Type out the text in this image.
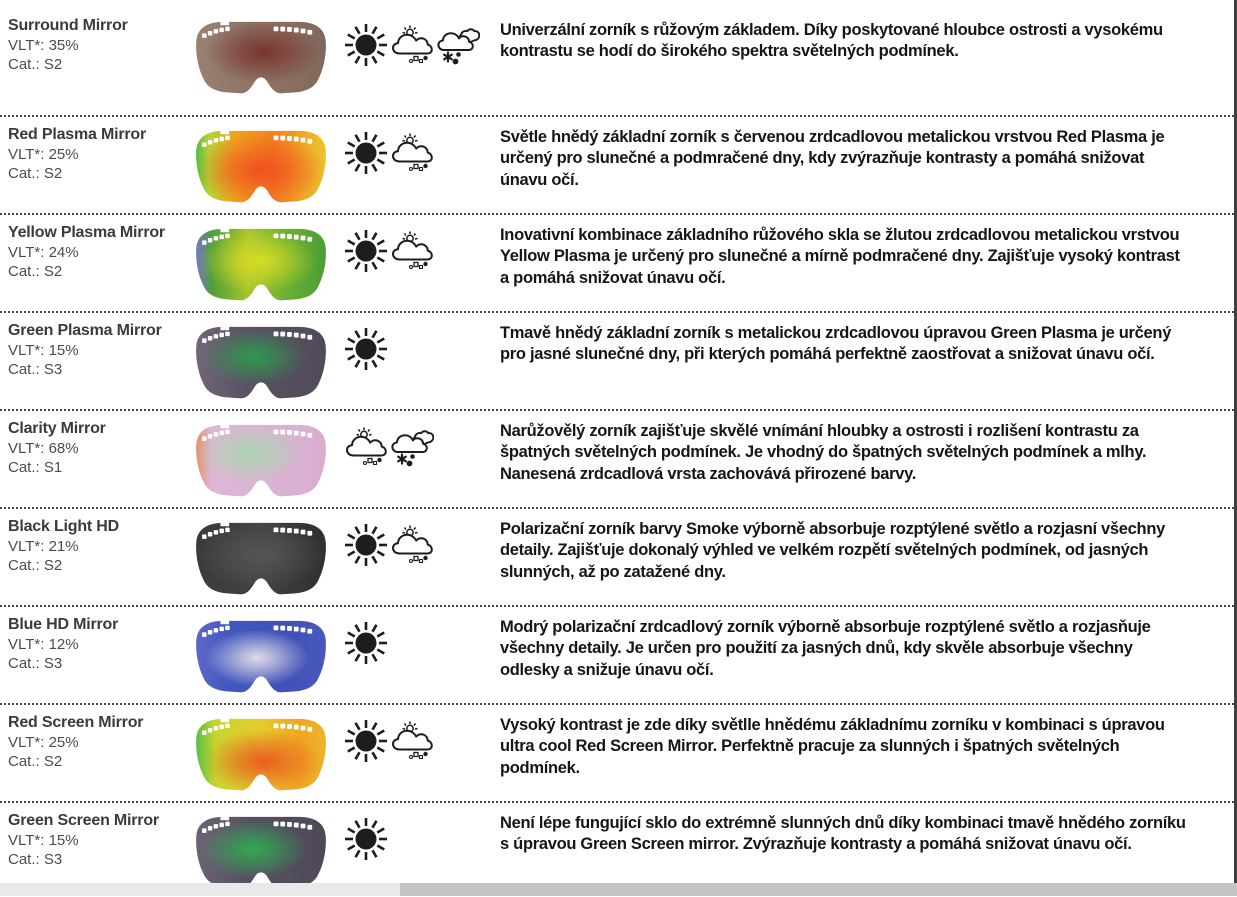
Surround Mirror
VLT*: 35%
Cat.: S2
Univerzální zorník s růžovým základem. Díky poskytované hloubce ostrosti a vysokému kontrastu se hodí do širokého spektra světelných podmínek.
Red Plasma Mirror
VLT*: 25%
Cat.: S2
Světle hnědý základní zorník s červenou zrdcadlovou metalickou vrstvou Red Plasma je určený pro slunečné a podmračené dny, kdy zvýrazňuje kontrasty a pomáhá snižovat únavu očí.
Yellow Plasma Mirror
VLT*: 24%
Cat.: S2
Inovativní kombinace základního růžového skla se žlutou zrdcadlovou metalickou vrstvou Yellow Plasma je určený pro slunečné a mírně podmračené dny. Zajišťuje vysoký kontrast a pomáhá snižovat únavu očí.
Green Plasma Mirror
VLT*: 15%
Cat.: S3
Tmavě hnědý základní zorník s metalickou zrdcadlovou úpravou Green Plasma je určený pro jasné slunečné dny, při kterých pomáhá perfektně zaostřovat a snižovat únavu očí.
Clarity Mirror
VLT*: 68%
Cat.: S1
Narůžovělý zorník zajišťuje skvělé vnímání hloubky a ostrosti i rozlišení kontrastu za špatných světelných podmínek. Je vhodný do špatných světelných podmínek a mlhy. Nanesená zrdcadlová vrsta zachovává přirozené barvy.
Black Light HD
VLT*: 21%
Cat.: S2
Polarizační zorník barvy Smoke výborně absorbuje rozptýlené světlo a rozjasní všechny detaily. Zajišťuje dokonalý výhled ve velkém rozpětí světelných podmínek, od jasných slunných, až po zatažené dny.
Blue HD Mirror
VLT*: 12%
Cat.: S3
Modrý polarizační zrdcadlový zorník výborně absorbuje rozptýlené světlo a rozjasňuje všechny detaily. Je určen pro použití za jasných dnů, kdy skvěle absorbuje všechny odlesky a snižuje únavu očí.
Red Screen Mirror
VLT*: 25%
Cat.: S2
Vysoký kontrast je zde díky světlle hnědému základnímu zorníku v kombinaci s úpravou ultra cool Red Screen Mirror. Perfektně pracuje za slunných i špatných světelných podmínek.
Green Screen Mirror
VLT*: 15%
Cat.: S3
Není lépe fungující sklo do extrémně slunných dnů díky kombinaci tmavě hnědého zorníku s úpravou Green Screen mirror. Zvýrazňuje kontrasty a pomáhá snižovat únavu očí.
